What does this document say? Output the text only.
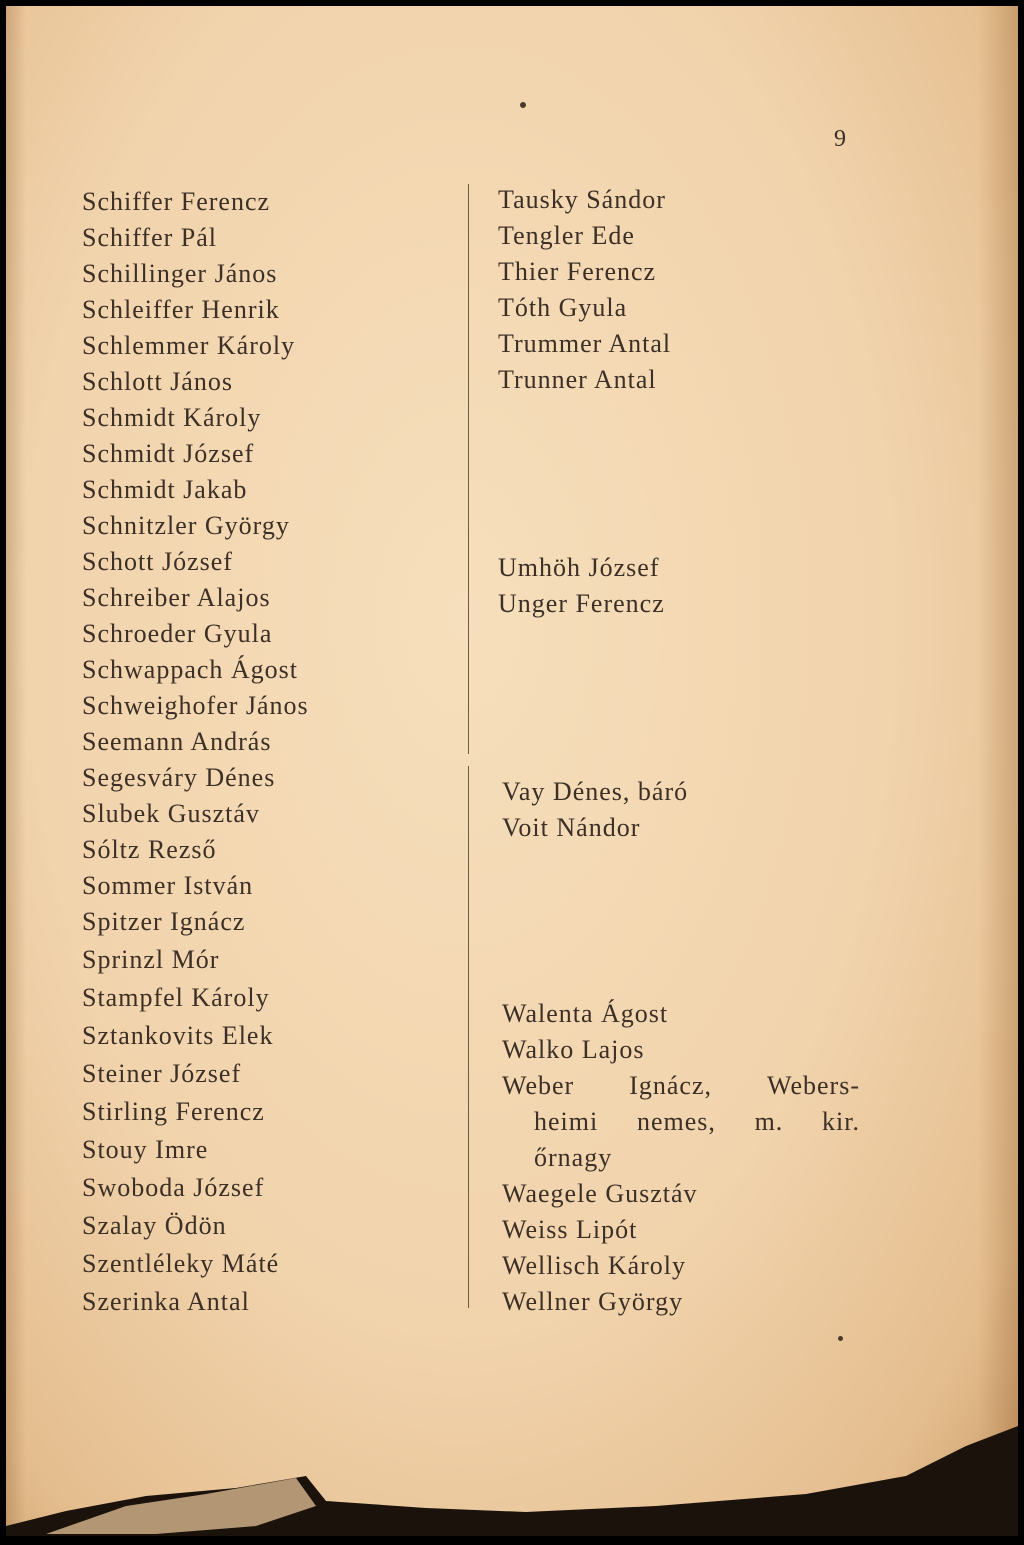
9
Schiffer Ferencz
Schiffer Pál
Schillinger János
Schleiffer Henrik
Schlemmer Károly
Schlott János
Schmidt Károly
Schmidt József
Schmidt Jakab
Schnitzler György
Schott József
Schreiber Alajos
Schroeder Gyula
Schwappach Ágost
Schweighofer János
Seemann András
Segesváry Dénes
Slubek Gusztáv
Sóltz Rezső
Sommer István
Spitzer Ignácz
Sprinzl Mór
Stampfel Károly
Sztankovits Elek
Steiner József
Stirling Ferencz
Stouy Imre
Swoboda József
Szalay Ödön
Szentléleky Máté
Szerinka Antal
Tausky Sándor
Tengler Ede
Thier Ferencz
Tóth Gyula
Trummer Antal
Trunner Antal
Umhöh József
Unger Ferencz
Vay Dénes, báró
Voit Nándor
Walenta Ágost
Walko Lajos
Weber Ignácz, Webers-
heimi nemes, m. kir.
őrnagy
Waegele Gusztáv
Weiss Lipót
Wellisch Károly
Wellner György
